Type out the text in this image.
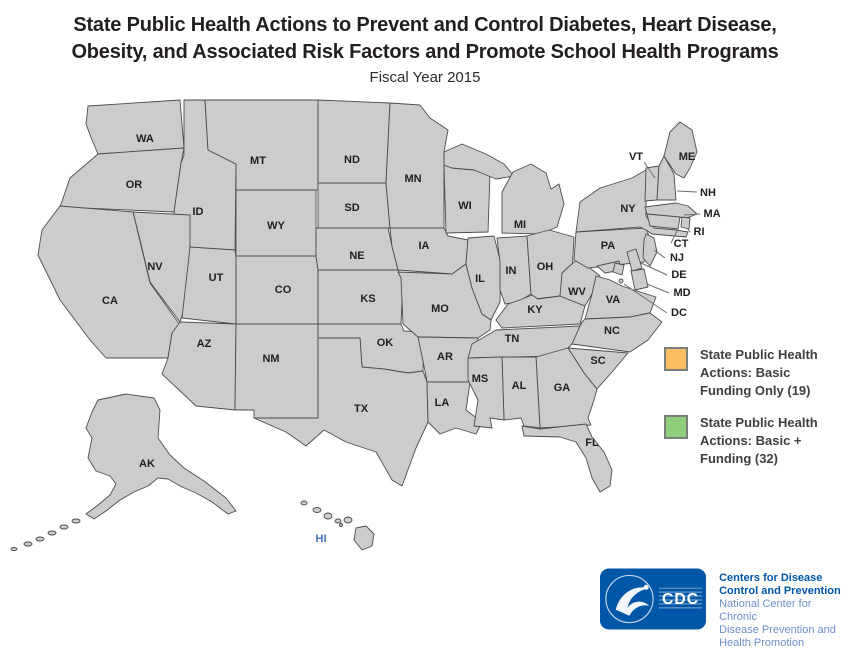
State Public Health Actions to Prevent and Control Diabetes, Heart Disease,
Obesity, and Associated Risk Factors and Promote School Health Programs
Fiscal Year 2015
WA
OR
ID
MT
WY
NV
UT
CA
AZ
CO
NM
ND
SD
NE
KS
OK
TX
MN
IA
MO
AR
LA
WI
IL
MI
IN OH
KY
TN
MS
AL GA
FL
SC
NC
VA
WV
PA
NY
ME
VT
NH
MA
RI
CT
NJ
DE
MD
DC
AK
HI
State Public Health
Actions: Basic
Funding Only (19)
State Public Health
Actions: Basic +
Funding (32)
CDC
Centers for Disease
Control and Prevention
National Center for Chronic
Disease Prevention and
Health Promotion
